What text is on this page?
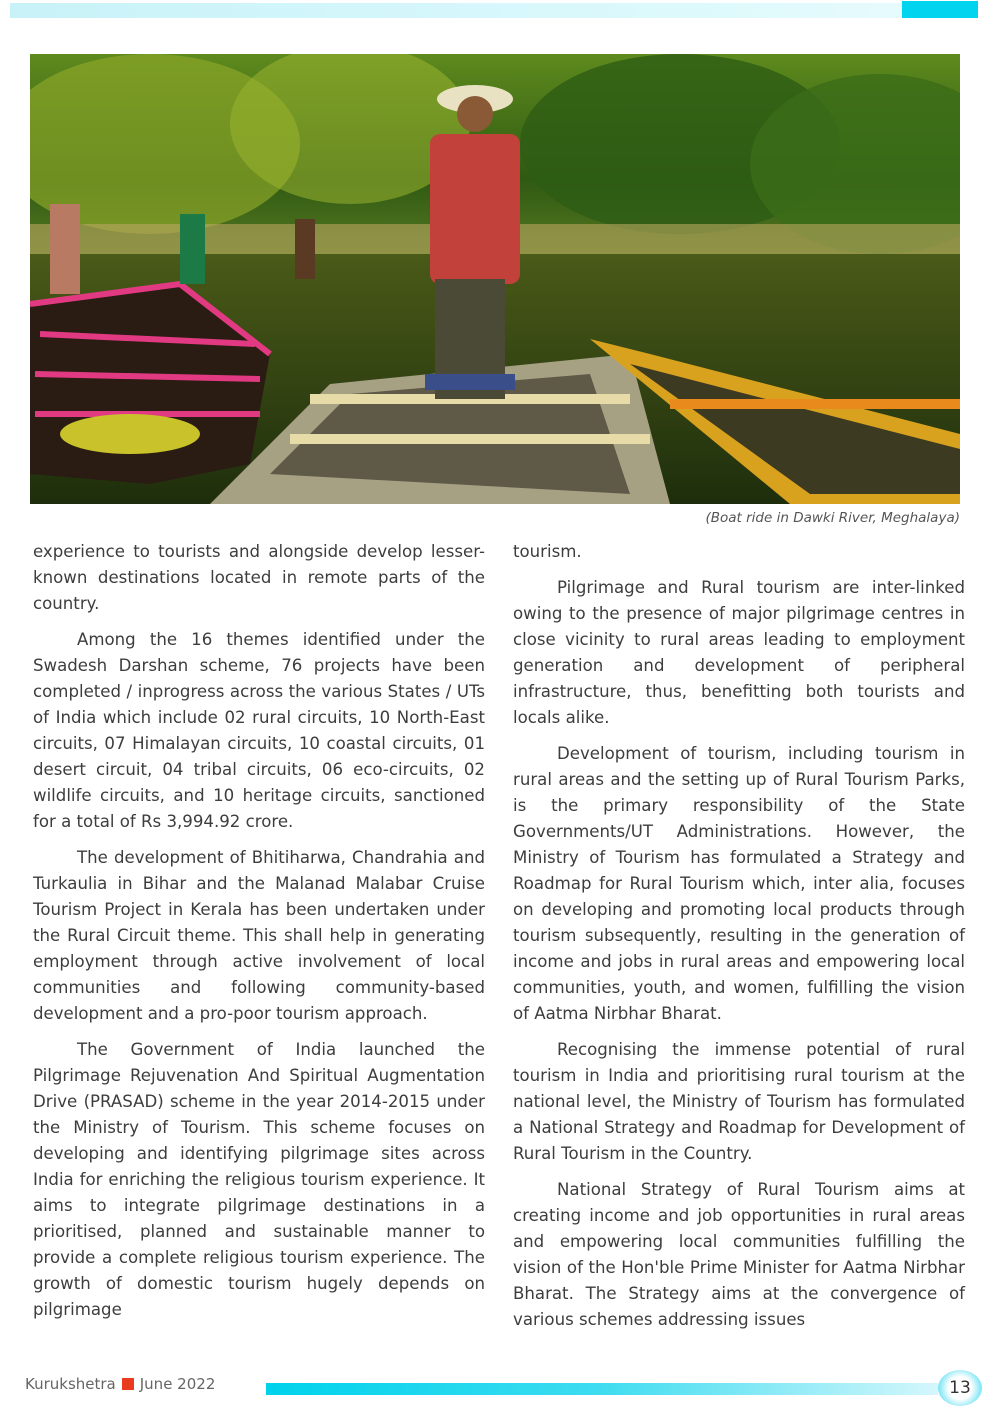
(Boat ride in Dawki River, Meghalaya)

experience to tourists and alongside develop lesser-known destinations located in remote parts of the country.

Among the 16 themes identified under the Swadesh Darshan scheme, 76 projects have been completed / inprogress across the various States / UTs of India which include 02 rural circuits, 10 North-East circuits, 07 Himalayan circuits, 10 coastal circuits, 01 desert circuit, 04 tribal circuits, 06 eco-circuits, 02 wildlife circuits, and 10 heritage circuits, sanctioned for a total of Rs 3,994.92 crore.

The development of Bhitiharwa, Chandrahia and Turkaulia in Bihar and the Malanad Malabar Cruise Tourism Project in Kerala has been undertaken under the Rural Circuit theme. This shall help in generating employment through active involvement of local communities and following community-based development and a pro-poor tourism approach.

The Government of India launched the Pilgrimage Rejuvenation And Spiritual Augmentation Drive (PRASAD) scheme in the year 2014-2015 under the Ministry of Tourism. This scheme focuses on developing and identifying pilgrimage sites across India for enriching the religious tourism experience. It aims to integrate pilgrimage destinations in a prioritised, planned and sustainable manner to provide a complete religious tourism experience. The growth of domestic tourism hugely depends on pilgrimage

tourism.

Pilgrimage and Rural tourism are inter-linked owing to the presence of major pilgrimage centres in close vicinity to rural areas leading to employment generation and development of peripheral infrastructure, thus, benefitting both tourists and locals alike.

Development of tourism, including tourism in rural areas and the setting up of Rural Tourism Parks, is the primary responsibility of the State Governments/UT Administrations. However, the Ministry of Tourism has formulated a Strategy and Roadmap for Rural Tourism which, inter alia, focuses on developing and promoting local products through tourism subsequently, resulting in the generation of income and jobs in rural areas and empowering local communities, youth, and women, fulfilling the vision of Aatma Nirbhar Bharat.

Recognising the immense potential of rural tourism in India and prioritising rural tourism at the national level, the Ministry of Tourism has formulated a National Strategy and Roadmap for Development of Rural Tourism in the Country.

National Strategy of Rural Tourism aims at creating income and job opportunities in rural areas and empowering local communities fulfilling the vision of the Hon'ble Prime Minister for Aatma Nirbhar Bharat. The Strategy aims at the convergence of various schemes addressing issues

Kurukshetra June 2022	13
